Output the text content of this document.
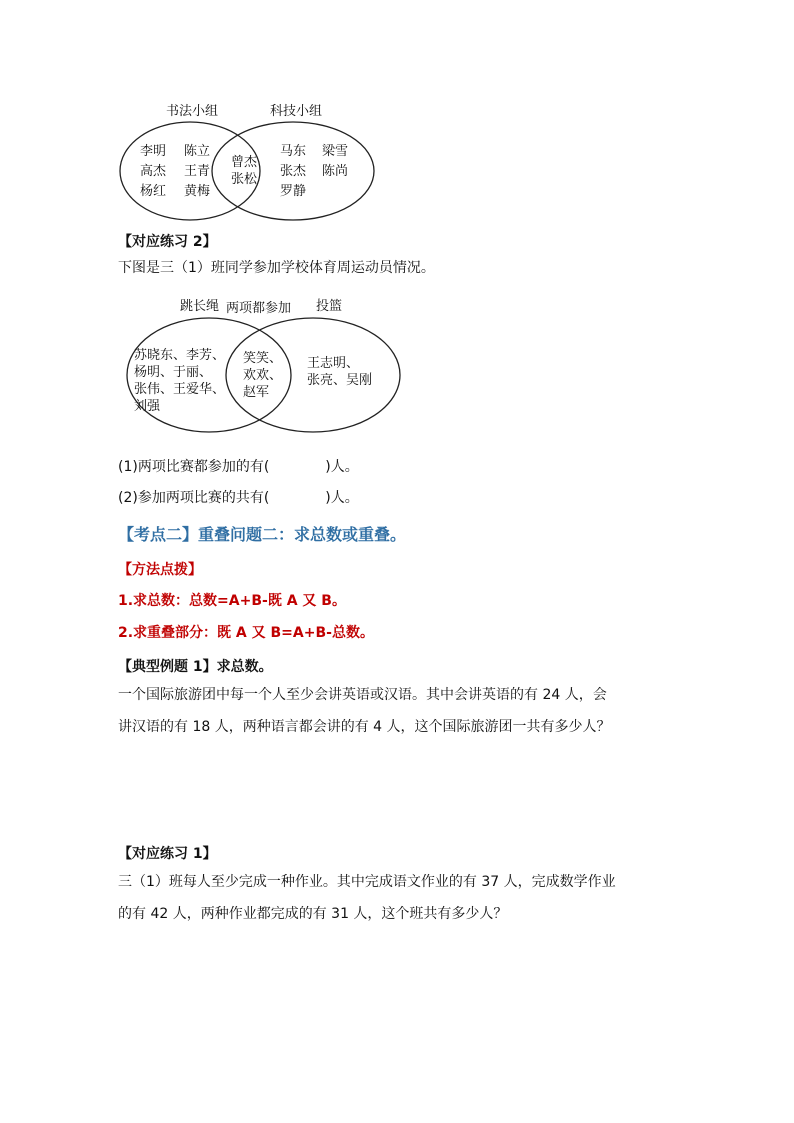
书法小组	科技小组
李明 陈立
高杰 王青
杨红 黄梅
曾杰
张松
马东 梁雪
张杰 陈尚
罗静
【对应练习 2】
下图是三（1）班同学参加学校体育周运动员情况。
跳长绳 两项都参加 投篮
苏晓东、李芳、
杨明、于丽、
张伟、王爱华、
刘强
笑笑、
欢欢、
赵军
王志明、
张亮、吴刚
(1)两项比赛都参加的有(　　　　)人。
(2)参加两项比赛的共有(　　　　)人。
【考点二】重叠问题二：求总数或重叠。
【方法点拨】
1.求总数：总数=A+B-既 A 又 B。
2.求重叠部分：既 A 又 B=A+B-总数。
【典型例题 1】求总数。
一个国际旅游团中每一个人至少会讲英语或汉语。其中会讲英语的有 24 人，会
讲汉语的有 18 人，两种语言都会讲的有 4 人，这个国际旅游团一共有多少人？
【对应练习 1】
三（1）班每人至少完成一种作业。其中完成语文作业的有 37 人，完成数学作业
的有 42 人，两种作业都完成的有 31 人，这个班共有多少人？
